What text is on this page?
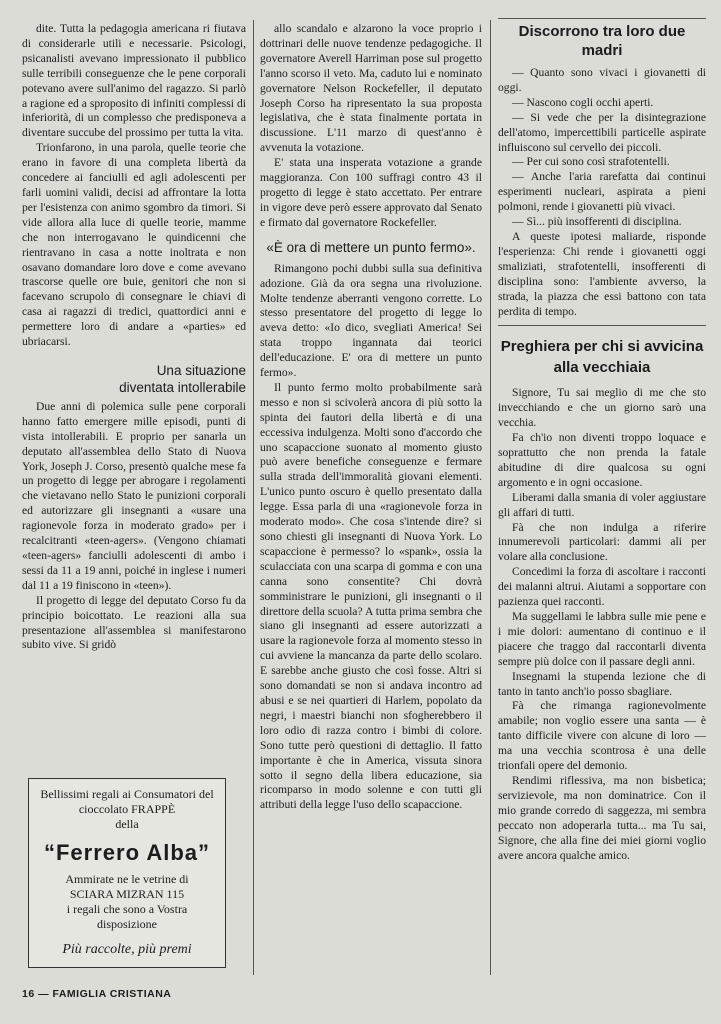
dite. Tutta la pedagogia americana ri fiutava di considerarle utili e necessarie. Psicologi, psicanalisti avevano impressionato il pubblico sulle terribili conseguenze che le pene corporali potevano avere sull'animo del ragazzo. Si parlò a ragione ed a sproposito di infiniti complessi di inferiorità, di un complesso che predisponeva a diventare succube del prossimo per tutta la vita.

Trionfarono, in una parola, quelle teorie che erano in favore di una completa libertà da concedere ai fanciulli ed agli adolescenti per farli uomini validi, decisi ad affrontare la lotta per l'esistenza con animo sgombro da timori. Si vide allora alla luce di quelle teorie, mamme che non interrogavano le quindicenni che rientravano in casa a notte inoltrata e non osavano domandare loro dove e come avevano trascorse quelle ore buie, genitori che non si facevano scrupolo di consegnare le chiavi di casa ai ragazzi di tredici, quattordici anni e permettere loro di andare a «parties» ed ubriacarsi.

Una situazione
diventata intollerabile

Due anni di polemica sulle pene corporali hanno fatto emergere mille episodi, punti di vista intollerabili. E proprio per sanarla un deputato all'assemblea dello Stato di Nuova York, Joseph J. Corso, presentò qualche mese fa un progetto di legge per abrogare i regolamenti che vietavano nello Stato le punizioni corporali ed autorizzare gli insegnanti a «usare una ragionevole forza in moderato grado» per i recalcitranti «teen-agers». (Vengono chiamati «teen-agers» fanciulli adolescenti di ambo i sessi da 11 a 19 anni, poiché in inglese i numeri dal 11 a 19 finiscono in «teen»).

Il progetto di legge del deputato Corso fu da principio boicottato. Le reazioni alla sua presentazione all'assemblea si manifestarono subito vive. Si gridò

Bellissimi regali ai Consumatori del cioccolato FRAPPÈ
della
“Ferrero Alba”
Ammirate ne le vetrine di
SCIARA MIZRAN 115
i regali che sono a Vostra disposizione
Più raccolte, più premi

allo scandalo e alzarono la voce proprio i dottrinari delle nuove tendenze pedagogiche. Il governatore Averell Harriman pose sul progetto l'anno scorso il veto. Ma, caduto lui e nominato governatore Nelson Rockefeller, il deputato Joseph Corso ha ripresentato la sua proposta legislativa, che è stata finalmente portata in discussione. L'11 marzo di quest'anno è avvenuta la votazione.

E' stata una insperata votazione a grande maggioranza. Con 100 suffragi contro 43 il progetto di legge è stato accettato. Per entrare in vigore deve però essere approvato dal Senato e firmato dal governatore Rockefeller.

«È ora di mettere un punto fermo».

Rimangono pochi dubbi sulla sua definitiva adozione. Già da ora segna una rivoluzione. Molte tendenze aberranti vengono corrette. Lo stesso presentatore del progetto di legge lo aveva detto: «Io dico, svegliati America! Sei stata troppo ingannata dai teorici dell'educazione. E' ora di mettere un punto fermo».

Il punto fermo molto probabilmente sarà messo e non si scivolerà ancora di più sotto la spinta dei fautori della libertà e di una eccessiva indulgenza. Molti sono d'accordo che uno scapaccione suonato al momento giusto può avere benefiche conseguenze e fermare sulla strada dell'immoralità giovani elementi. L'unico punto oscuro è quello presentato dalla legge. Essa parla di una «ragionevole forza in moderato modo». Che cosa s'intende dire? si sono chiesti gli insegnanti di Nuova York. Lo scapaccione è permesso? lo «spank», ossia la sculacciata con una scarpa di gomma e con una canna sono consentite? Chi dovrà somministrare le punizioni, gli insegnanti o il direttore della scuola? A tutta prima sembra che siano gli insegnanti ad essere autorizzati a usare la ragionevole forza al momento stesso in cui avviene la mancanza da parte dello scolaro. E sarebbe anche giusto che così fosse. Altri si sono domandati se non si andava incontro ad abusi e se nei quartieri di Harlem, popolato da negri, i maestri bianchi non sfogherebbero il loro odio di razza contro i bimbi di colore. Sono tutte però questioni di dettaglio. Il fatto importante è che in America, vissuta sinora sotto il segno della libera educazione, sia ricomparso in modo solenne e con tutti gli attributi della legge l'uso dello scapaccione.

Discorrono tra loro due madri

— Quanto sono vivaci i giovanetti di oggi.

— Nascono cogli occhi aperti.

— Si vede che per la disintegrazione dell'atomo, impercettibili particelle aspirate influiscono sul cervello dei piccoli.

— Per cui sono così strafotentelli.

— Anche l'aria rarefatta dai continui esperimenti nucleari, aspirata a pieni polmoni, rende i giovanetti più vivaci.

— Sì... più insofferenti di disciplina.

A queste ipotesi maliarde, risponde l'esperienza: Chi rende i giovanetti oggi smaliziati, strafotentelli, insofferenti di disciplina sono: l'ambiente avverso, la strada, la piazza che essi battono con tata perdita di tempo.

Preghiera per chi si avvicina
alla vecchiaia

Signore, Tu sai meglio di me che sto invecchiando e che un giorno sarò una vecchia.

Fa ch'io non diventi troppo loquace e soprattutto che non prenda la fatale abitudine di dire qualcosa su ogni argomento e in ogni occasione.

Liberami dalla smania di voler aggiustare gli affari di tutti.

Fà che non indulga a riferire innumerevoli particolari: dammi ali per volare alla conclusione.

Concedimi la forza di ascoltare i racconti dei malanni altrui. Aiutami a sopportare con pazienza quei racconti.

Ma suggellami le labbra sulle mie pene e i mie dolori: aumentano di continuo e il piacere che traggo dal raccontarli diventa sempre più dolce con il passare degli anni.

Insegnami la stupenda lezione che di tanto in tanto anch'io posso sbagliare.

Fà che rimanga ragionevolmente amabile; non voglio essere una santa — è tanto difficile vivere con alcune di loro — ma una vecchia scontrosa è una delle trionfali opere del demonio.

Rendimi riflessiva, ma non bisbetica; servizievole, ma non dominatrice. Con il mio grande corredo di saggezza, mi sembra peccato non adoperarla tutta... ma Tu sai, Signore, che alla fine dei miei giorni voglio avere ancora qualche amico.

16 — FAMIGLIA CRISTIANA
